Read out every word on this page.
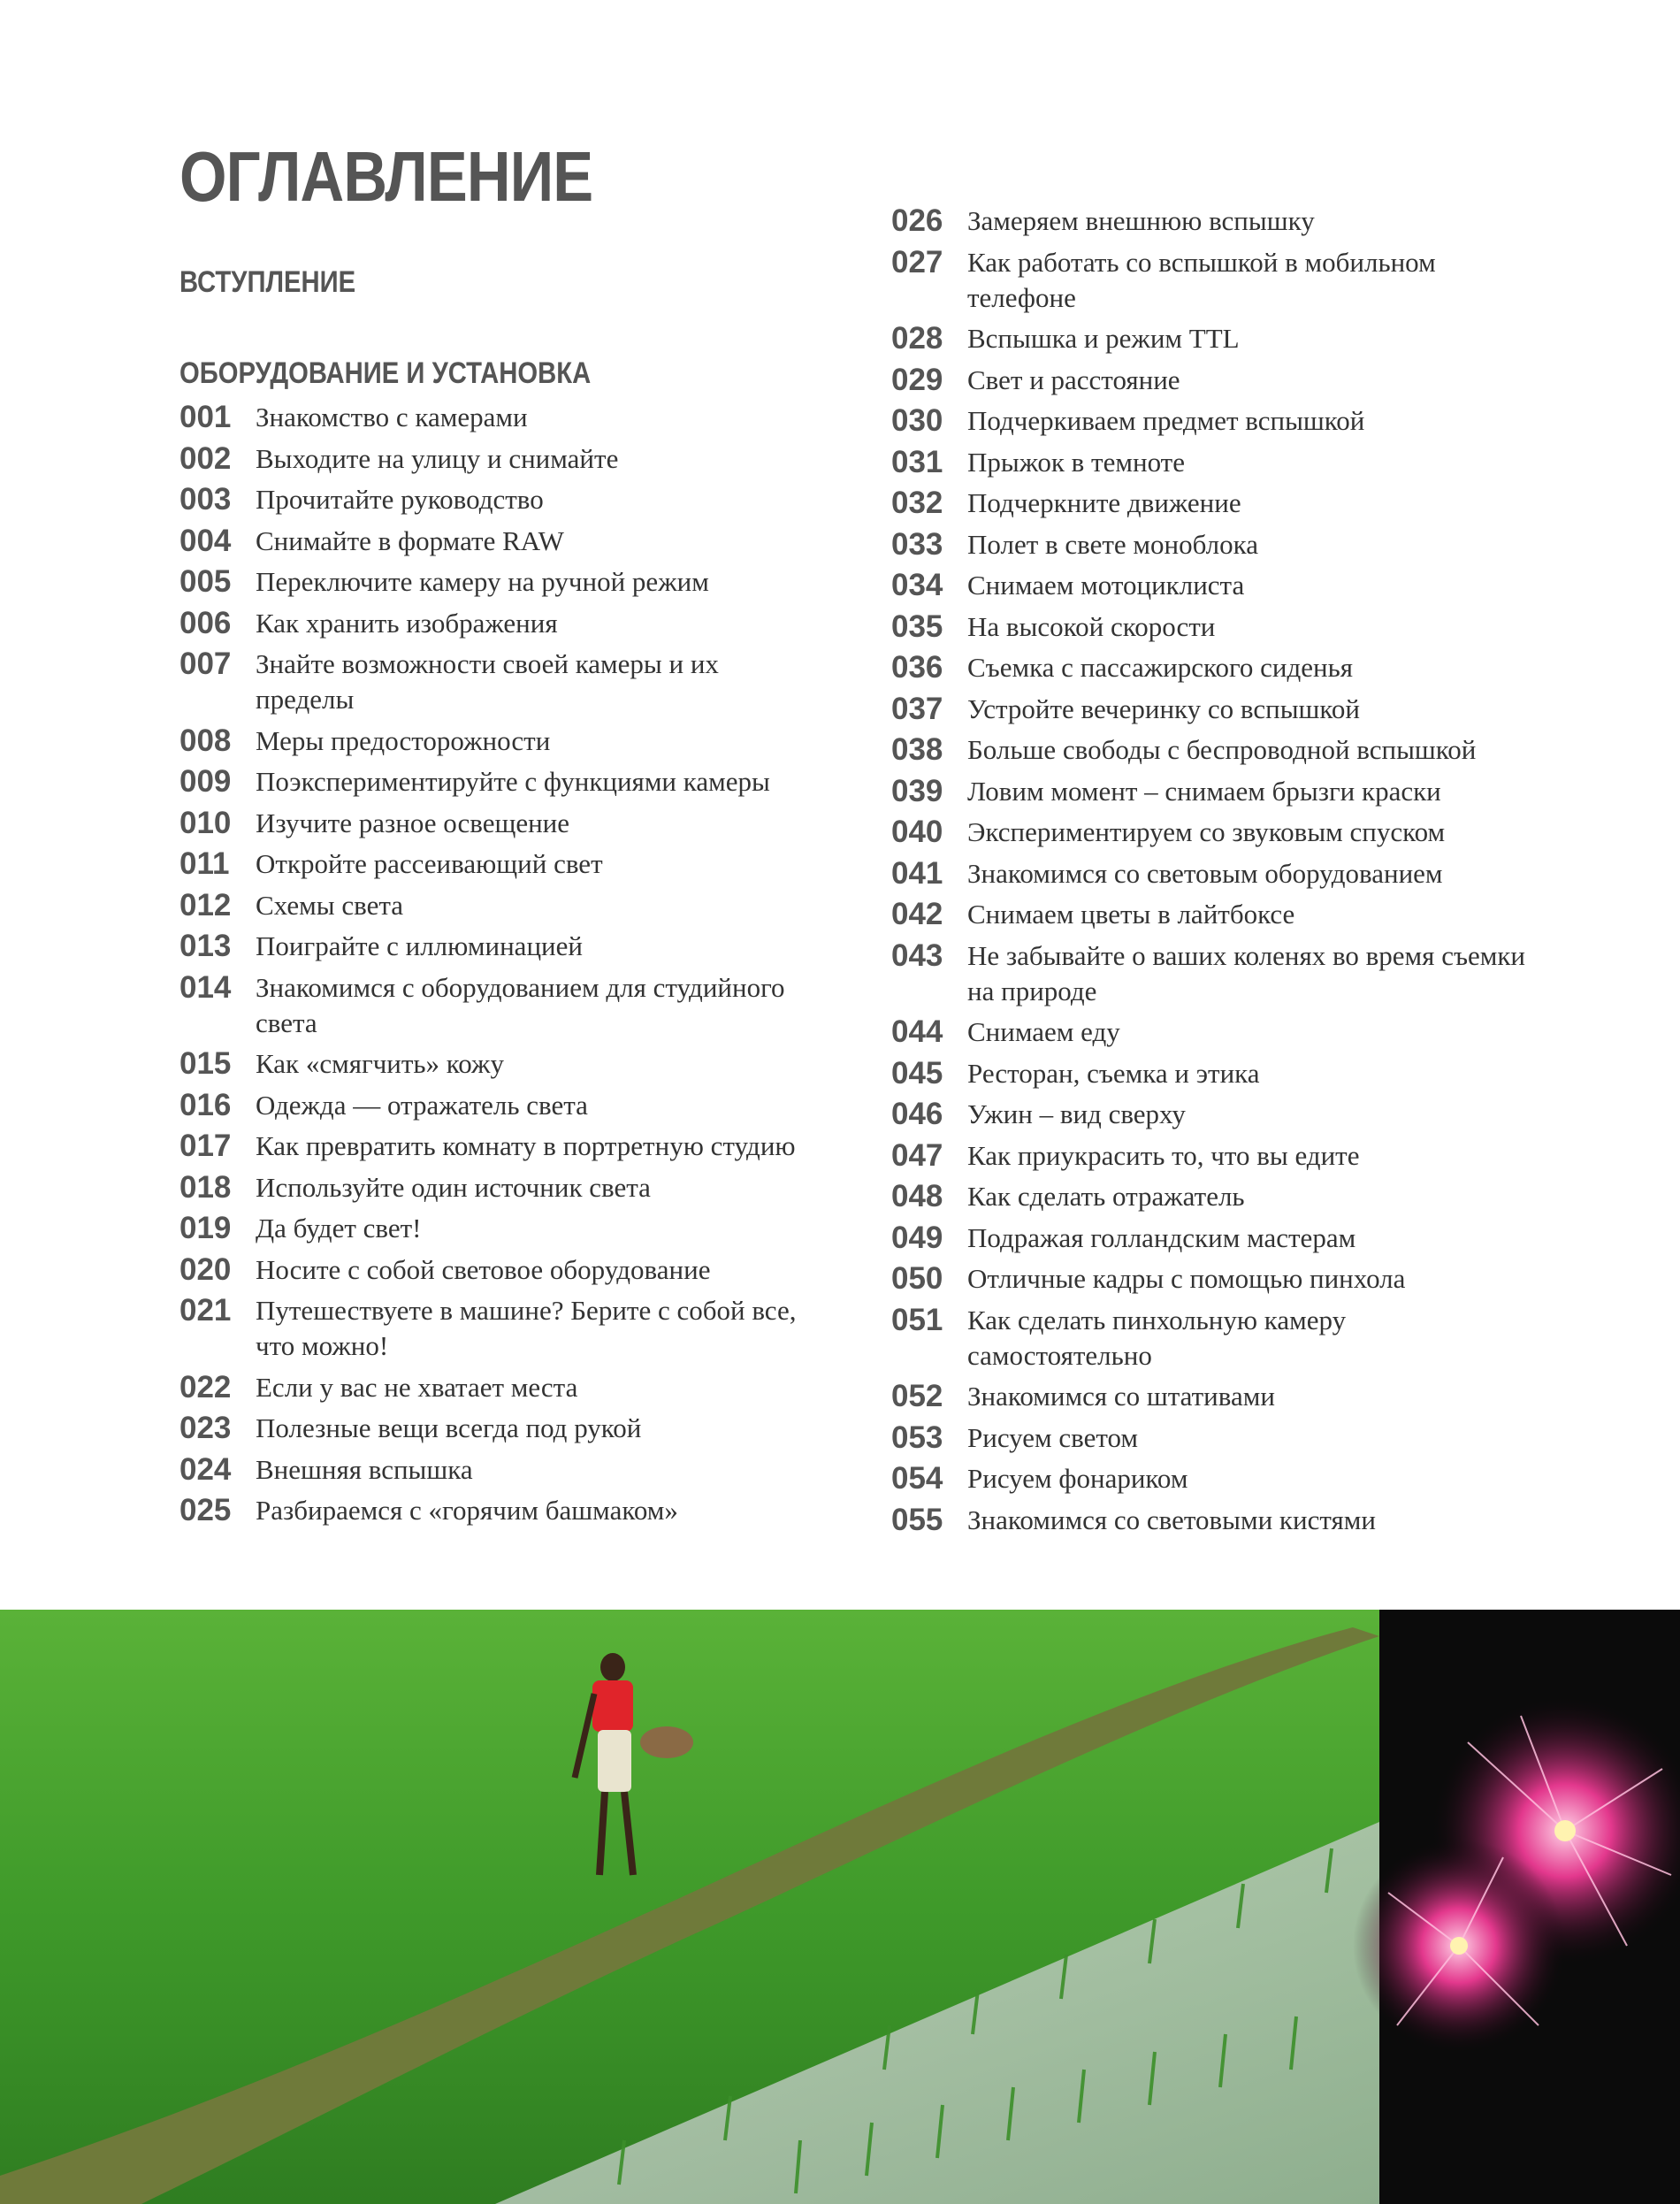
ОГЛАВЛЕНИЕ
ВСТУПЛЕНИЕ
ОБОРУДОВАНИЕ И УСТАНОВКА
001 Знакомство с камерами
002 Выходите на улицу и снимайте
003 Прочитайте руководство
004 Снимайте в формате RAW
005 Переключите камеру на ручной режим
006 Как хранить изображения
007 Знайте возможности своей камеры и их пределы
008 Меры предосторожности
009 Поэкспериментируйте с функциями камеры
010 Изучите разное освещение
011 Откройте рассеивающий свет
012 Схемы света
013 Поиграйте с иллюминацией
014 Знакомимся с оборудованием для студийного света
015 Как «смягчить» кожу
016 Одежда — отражатель света
017 Как превратить комнату в портретную студию
018 Используйте один источник света
019 Да будет свет!
020 Носите с собой световое оборудование
021 Путешествуете в машине? Берите с собой все, что можно!
022 Если у вас не хватает места
023 Полезные вещи всегда под рукой
024 Внешняя вспышка
025 Разбираемся с «горячим башмаком»
026 Замеряем внешнюю вспышку
027 Как работать со вспышкой в мобильном телефоне
028 Вспышка и режим TTL
029 Свет и расстояние
030 Подчеркиваем предмет вспышкой
031 Прыжок в темноте
032 Подчеркните движение
033 Полет в свете моноблока
034 Снимаем мотоциклиста
035 На высокой скорости
036 Съемка с пассажирского сиденья
037 Устройте вечеринку со вспышкой
038 Больше свободы с беспроводной вспышкой
039 Ловим момент – снимаем брызги краски
040 Экспериментируем со звуковым спуском
041 Знакомимся со световым оборудованием
042 Снимаем цветы в лайтбоксе
043 Не забывайте о ваших коленях во время съемки на природе
044 Снимаем еду
045 Ресторан, съемка и этика
046 Ужин – вид сверху
047 Как приукрасить то, что вы едите
048 Как сделать отражатель
049 Подражая голландским мастерам
050 Отличные кадры с помощью пинхола
051 Как сделать пинхольную камеру самостоятельно
052 Знакомимся со штативами
053 Рисуем светом
054 Рисуем фонариком
055 Знакомимся со световыми кистями
